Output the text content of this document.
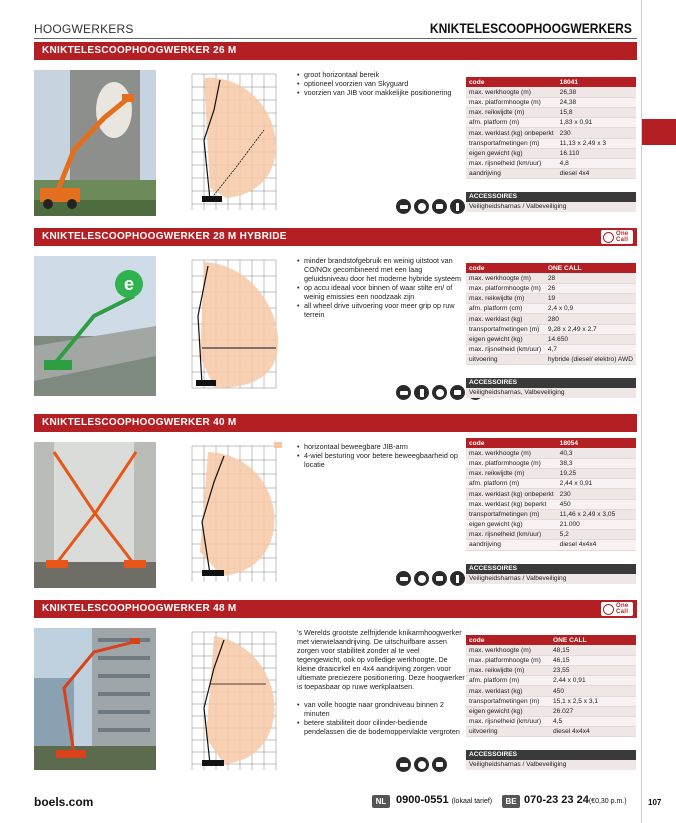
HOOGWERKERS	KNIKTELESCOOPHOOGWERKERS
KNIKTELESCOOPHOOGWERKER 26 M
• groot horizontaal bereik
• optioneel voorzien van Skyguard
• voorzien van JIB voor makkelijke positionering
code	18041
max. werkhoogte (m)	26,38
max. platformhoogte (m)	24,38
max. reikwijdte (m)	15,8
afm. platform (m)	1,83 x 0,91
max. werklast (kg) onbeperkt	230
transportafmetingen (m)	11,13 x 2,49 x 3
eigen gewicht (kg)	16.110
max. rijsnelheid (km/uur)	4,8
aandrijving	diesel 4x4
ACCESSOIRES
Veiligheidsharnas / Valbeveiliging
KNIKTELESCOOPHOOGWERKER 28 M HYBRIDE	One Call
e
• minder brandstofgebruik en weinig uitstoot van CO/NOx gecombineerd met een laag geluidsniveau door het moderne hybride systeem
• op accu ideaal voor binnen of waar stilte en/ of weinig emissies een noodzaak zijn
• all wheel drive uitvoering voor meer grip op ruw terrein
code	ONE CALL
max. werkhoogte (m)	28
max. platformhoogte (m)	26
max. reikwijdte (m)	19
afm. platform (cm)	2,4 x 0,9
max. werklast (kg)	280
transportafmetingen (m)	9,28 x 2,49 x 2,7
eigen gewicht (kg)	14.650
max. rijsnelheid (km/uur)	4,7
uitvoering	hybride (diesel/ elektro) AWD
ACCESSOIRES
Veiligheidsharnas, Valbeveiliging
KNIKTELESCOOPHOOGWERKER 40 M
• horizontaal beweegbare JIB-arm
• 4-wiel besturing voor betere beweegbaarheid op locatie
code	18054
max. werkhoogte (m)	40,3
max. platformhoogte (m)	38,3
max. reikwijdte (m)	19,25
afm. platform (m)	2,44 x 0,91
max. werklast (kg) onbeperkt	230
max. werklast (kg) beperkt	450
transportafmetingen (m)	11,46 x 2,49 x 3,05
eigen gewicht (kg)	21.000
max. rijsnelheid (km/uur)	5,2
aandrijving	diesel 4x4x4
ACCESSOIRES
Veiligheidsharnas / Valbeveiliging
KNIKTELESCOOPHOOGWERKER 48 M	One Call

's Werelds grootste zelfrijdende knikarmhoogwerker met vierwielaandrijving. De uitschuifbare assen zorgen voor stabiliteit zonder al te veel tegengewicht, ook op volledige werkhoogte. De kleine draaicirkel en 4x4 aandrijving zorgen voor ultiemate preciezere positionering. Deze hoogwerker is toepasbaar op ruwe werkplaatsen.

• van volle hoogte naar grondniveau binnen 2 minuten
• betere stabiliteit door cilinder-bediende pendelassen die de bodemoppervlakte vergroten
code	ONE CALL
max. werkhoogte (m)	48,15
max. platformhoogte (m)	46,15
max. reikwijdte (m)	23,55
afm. platform (m)	2,44 x 0,91
max. werklast (kg)	450
transportafmetingen (m)	15,1 x 2,5 x 3,1
eigen gewicht (kg)	26.027
max. rijsnelheid (km/uur)	4,5
uitvoering	diesel 4x4x4
ACCESSOIRES
Veiligheidsharnas / Valbeveiliging
boels.com	NL 0900-0551 (lokaal tarief)	BE 070-23 23 24(€0,30 p.m.)	107
